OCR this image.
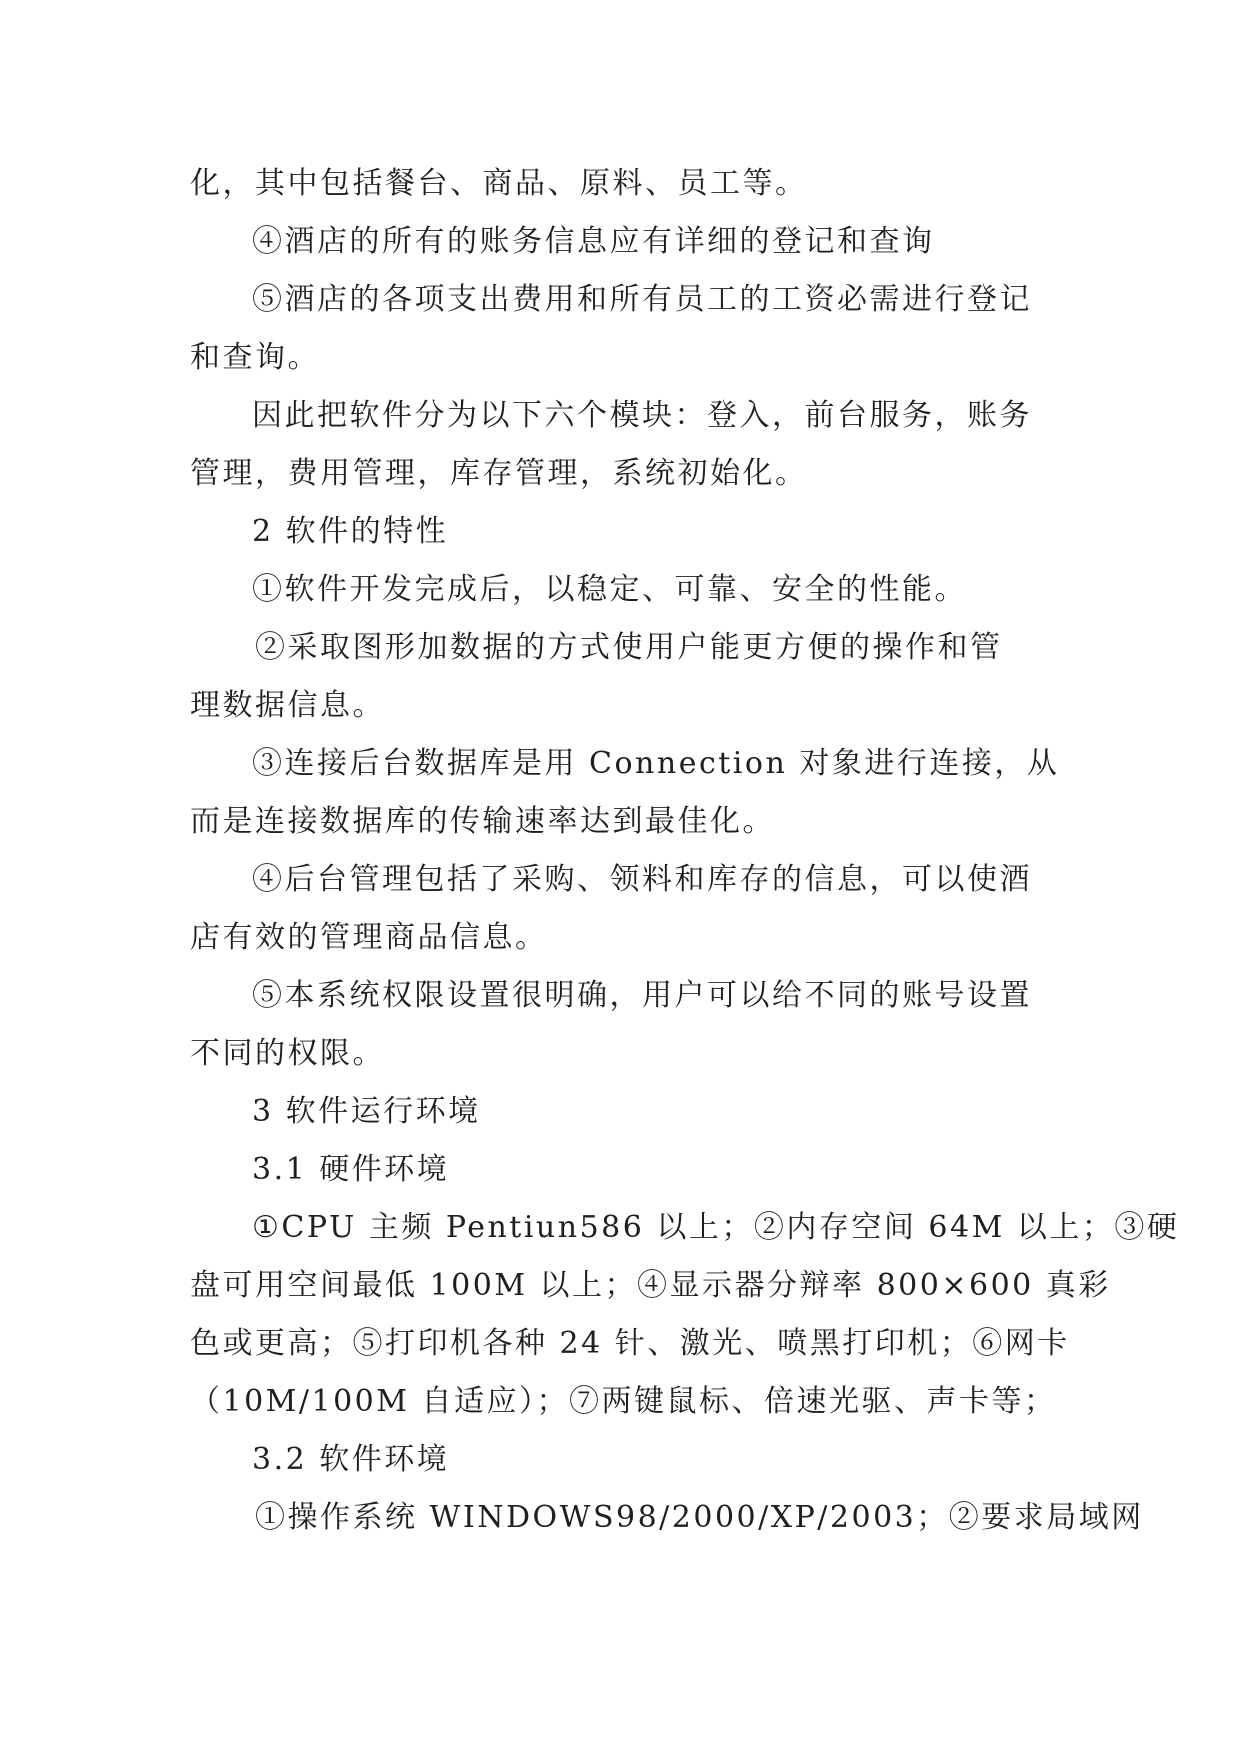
化，其中包括餐台、商品、原料、员工等。
④酒店的所有的账务信息应有详细的登记和查询
⑤酒店的各项支出费用和所有员工的工资必需进行登记
和查询。
因此把软件分为以下六个模块：登入，前台服务，账务
管理，费用管理，库存管理，系统初始化。
2 软件的特性
①软件开发完成后，以稳定、可靠、安全的性能。
②采取图形加数据的方式使用户能更方便的操作和管
理数据信息。
③连接后台数据库是用 Connection 对象进行连接，从
而是连接数据库的传输速率达到最佳化。
④后台管理包括了采购、领料和库存的信息，可以使酒
店有效的管理商品信息。
⑤本系统权限设置很明确，用户可以给不同的账号设置
不同的权限。
3 软件运行环境
3.1 硬件环境
①CPU 主频 Pentiun586 以上；②内存空间 64M 以上；③硬
盘可用空间最低 100M 以上；④显示器分辩率 800×600 真彩
色或更高；⑤打印机各种 24 针、激光、喷黑打印机；⑥网卡
（10M/100M 自适应）；⑦两键鼠标、倍速光驱、声卡等；
3.2 软件环境
①操作系统 WINDOWS98/2000/XP/2003；②要求局域网
